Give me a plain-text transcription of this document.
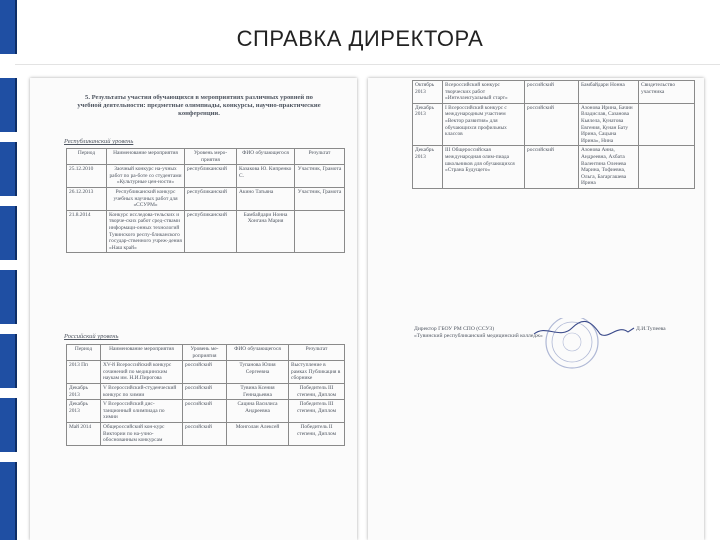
СПРАВКА ДИРЕКТОРА
5. Результаты участия обучающихся в мероприятиях различных уровней по учебной деятельности: предметные олимпиады, конкурсы, научно-практические конференции.
Республиканский уровень
Период	Наименование мероприятия	Уровень меро-приятия	ФИО обучающегося	Результат
25.12.2010	Заочный конкурс на-учных работ по ра-боте со студентами «Культурные цен-ности»	республиканский	Казакова Ю. Кипренко С.	Участник, Грамота
26.12.2013	Республиканский конкурс учебных научных работ для «ССУРМ»	республиканский	Акино Татьяна	Участник, Грамота
21.8.2014	Конкурс исследова-тельских и творче-ских работ сред-ствами информаци-онных технологий Тувинского респу-бликанского государ-ственного учреж-дения «Наш край»	республиканский	Бамбайдари Ноннa Хонгана Мария	
Российский уровень
Период	Наименование мероприятия	Уровень ме-роприятия	ФИО обучающегося	Результат
2013 Пп	XV-й Всероссийский конкурс сочинений по медицинским наукам им. Н.И.Пирогова	российский	Тупанова Юлия Сергеевна	Выступление в рамках Публикация в сборнике
Декабрь 2013	V Всероссийский-студенческий конкурс по химии	российский	Тувина Ксения Геннадьевна	Победитель III степени, Диплом
Декабрь 2013	V Всероссийский дис-танционный олимпиада по химии	российский	Сацина Василиса Андреевна	Победитель III степени, Диплом
Май 2014	Общероссийский кон-курс Виктории по на-учно-обоснованным конкурсам	российский	Монголан Алексей	Победитель II степени, Диплом
Октябрь 2013	Всероссийский конкурс творческих работ «Интеллектуальный старт»	российский	Бамбайдари Нонна	Свидетельство участника
Декабрь 2013	I Всероссийский конкурс с международным участием «Вектор развития» для обучающихся профильных классов	российский	Азонова Ирина, Бачин Владислав, Сазанова Кьялела, Кунатова Евгения, Кунан Бату Ирина, Сацына Ирина», Нина	
Декабрь 2013	III Общероссийская международная олим-пиада школьников для обучающихся «Страна Будущего»	российский	Азонова Анна, Андреевна, Ахбата Валентина Оленева Марина, Тофиевна, Ольга, Багаргашева Ирина	
Директор ГБОУ РМ СПО (ССУЗ)
«Тувинский республиканский медицинский колледж»
Д.И.Тупеева
